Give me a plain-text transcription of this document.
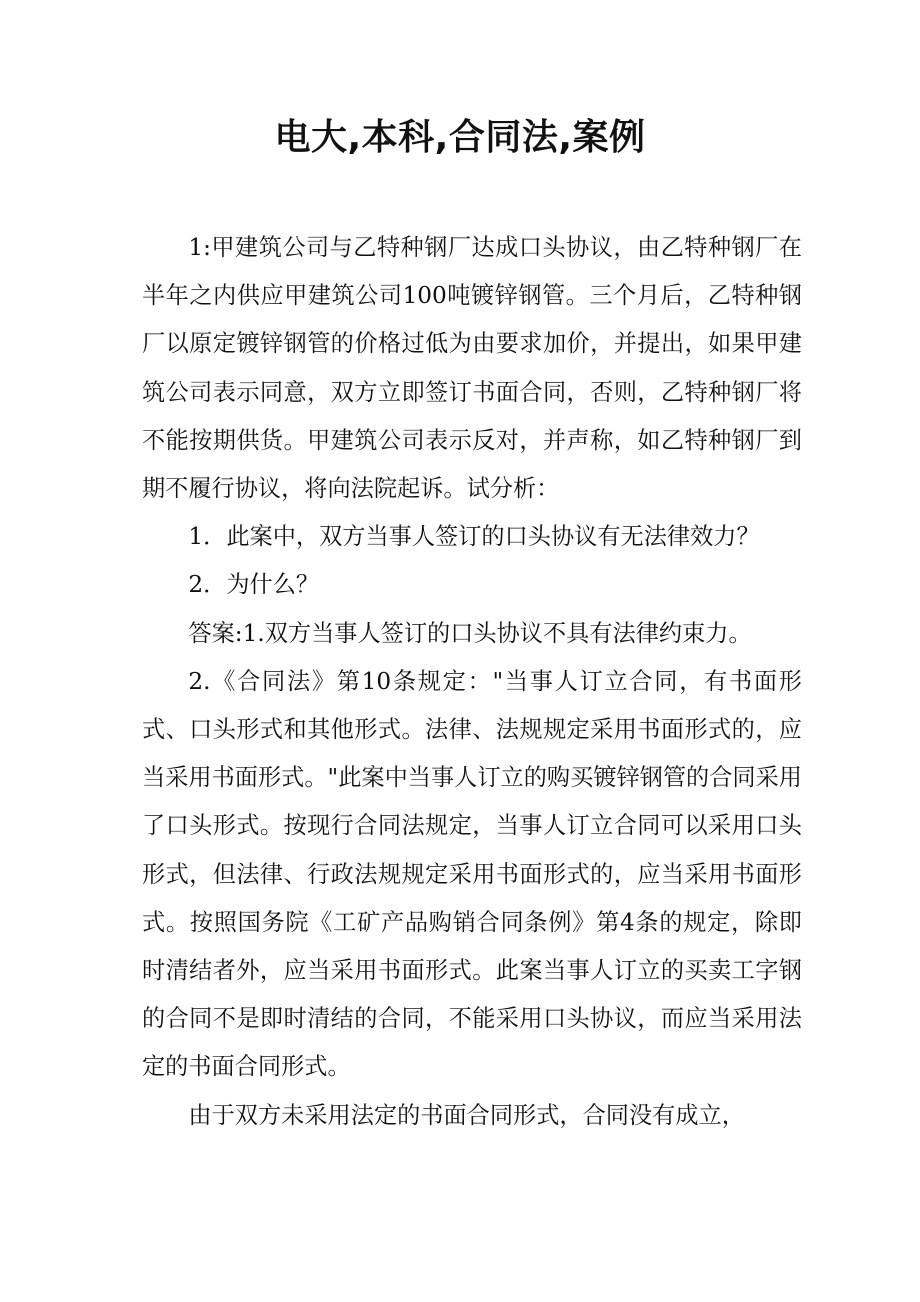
电大,本科,合同法,案例

1:甲建筑公司与乙特种钢厂达成口头协议，由乙特种钢厂在半年之内供应甲建筑公司100吨镀锌钢管。三个月后，乙特种钢厂以原定镀锌钢管的价格过低为由要求加价，并提出，如果甲建筑公司表示同意，双方立即签订书面合同，否则，乙特种钢厂将不能按期供货。甲建筑公司表示反对，并声称，如乙特种钢厂到期不履行协议，将向法院起诉。试分析：

1．此案中，双方当事人签订的口头协议有无法律效力？

2．为什么？

答案:1.双方当事人签订的口头协议不具有法律约束力。

2.《合同法》第10条规定："当事人订立合同，有书面形式、口头形式和其他形式。法律、法规规定采用书面形式的，应当采用书面形式。"此案中当事人订立的购买镀锌钢管的合同采用了口头形式。按现行合同法规定，当事人订立合同可以采用口头形式，但法律、行政法规规定采用书面形式的，应当采用书面形式。按照国务院《工矿产品购销合同条例》第4条的规定，除即时清结者外，应当采用书面形式。此案当事人订立的买卖工字钢的合同不是即时清结的合同，不能采用口头协议，而应当采用法定的书面合同形式。

由于双方未采用法定的书面合同形式，合同没有成立，
